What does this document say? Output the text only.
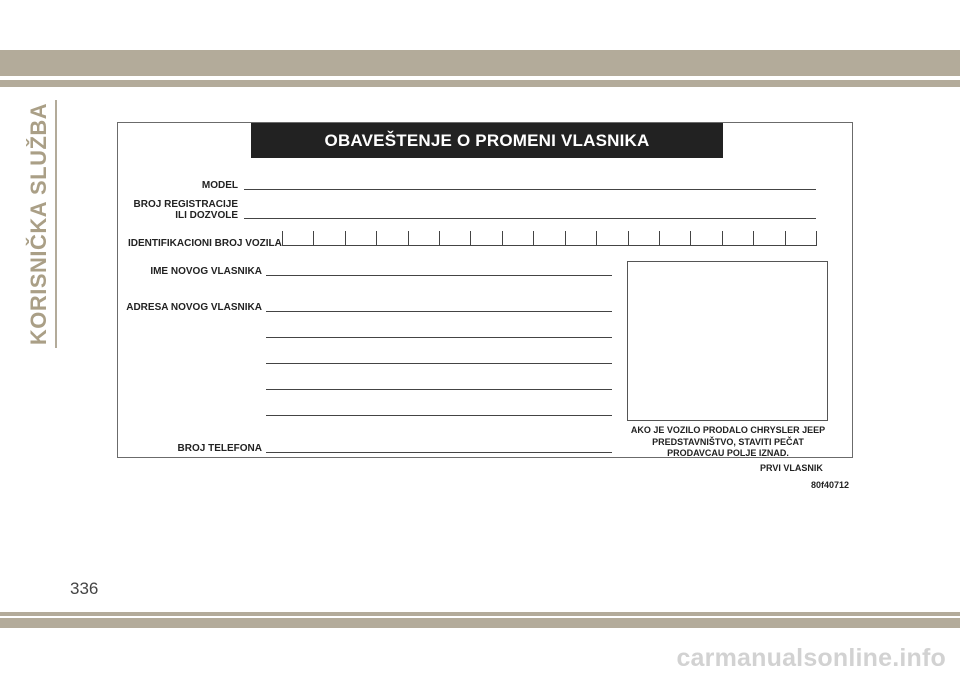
KORISNIČKA SLUŽBA	OBAVEŠTENJE O PROMENI VLASNIKA
MODEL
BROJ REGISTRACIJE
ILI DOZVOLE
IDENTIFIKACIONI BROJ VOZILA
IME NOVOG VLASNIKA
ADRESA NOVOG VLASNIKA
BROJ TELEFONA
AKO JE VOZILO PRODALO CHRYSLER JEEP
PREDSTAVNIŠTVO, STAVITI PEČAT
PRODAVCAU POLJE IZNAD.
PRVI VLASNIK
80f40712
336
carmanualsonline.info
